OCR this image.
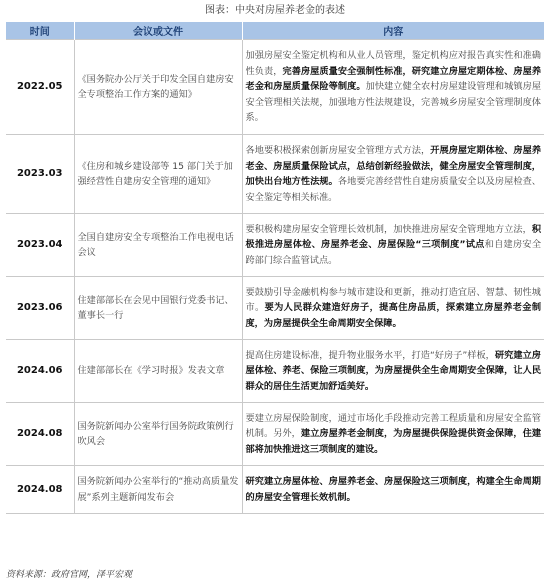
图表：中央对房屋养老金的表述
时间	会议或文件	内容
2022.05	《国务院办公厅关于印发全国自建房安全专项整治工作方案的通知》	加强房屋安全鉴定机构和从业人员管理，鉴定机构应对报告真实性和准确性负责，完善房屋质量安全强制性标准，研究建立房屋定期体检、房屋养老金和房屋质量保险等制度。加快建立健全农村房屋建设管理和城镇房屋安全管理相关法规，加强地方性法规建设，完善城乡房屋安全管理制度体系。
2023.03	《住房和城乡建设部等 15 部门关于加强经营性自建房安全管理的通知》	各地要积极探索创新房屋安全管理方式方法，开展房屋定期体检、房屋养老金、房屋质量保险试点，总结创新经验做法，健全房屋安全管理制度，加快出台地方性法规。各地要完善经营性自建房质量安全以及房屋检查、安全鉴定等相关标准。
2023.04	全国自建房安全专项整治工作电视电话会议	要积极构建房屋安全管理长效机制，加快推进房屋安全管理地方立法，积极推进房屋体检、房屋养老金、房屋保险“三项制度”试点和自建房安全跨部门综合监管试点。
2023.06	住建部部长在会见中国银行党委书记、董事长一行	要鼓励引导金融机构参与城市建设和更新，推动打造宜居、智慧、韧性城市。要为人民群众建造好房子，提高住房品质，探索建立房屋养老金制度，为房屋提供全生命周期安全保障。
2024.06	住建部部长在《学习时报》发表文章	提高住房建设标准，提升物业服务水平，打造“好房子”样板，研究建立房屋体检、养老、保险三项制度，为房屋提供全生命周期安全保障，让人民群众的居住生活更加舒适美好。
2024.08	国务院新闻办公室举行国务院政策例行吹风会	要建立房屋保险制度，通过市场化手段推动完善工程质量和房屋安全监管机制。另外，建立房屋养老金制度，为房屋提供保险提供资金保障，住建部将加快推进这三项制度的建设。
2024.08	国务院新闻办公室举行的“推动高质量发展”系列主题新闻发布会	研究建立房屋体检、房屋养老金、房屋保险这三项制度，构建全生命周期的房屋安全管理长效机制。
资料来源：政府官网，泽平宏观
